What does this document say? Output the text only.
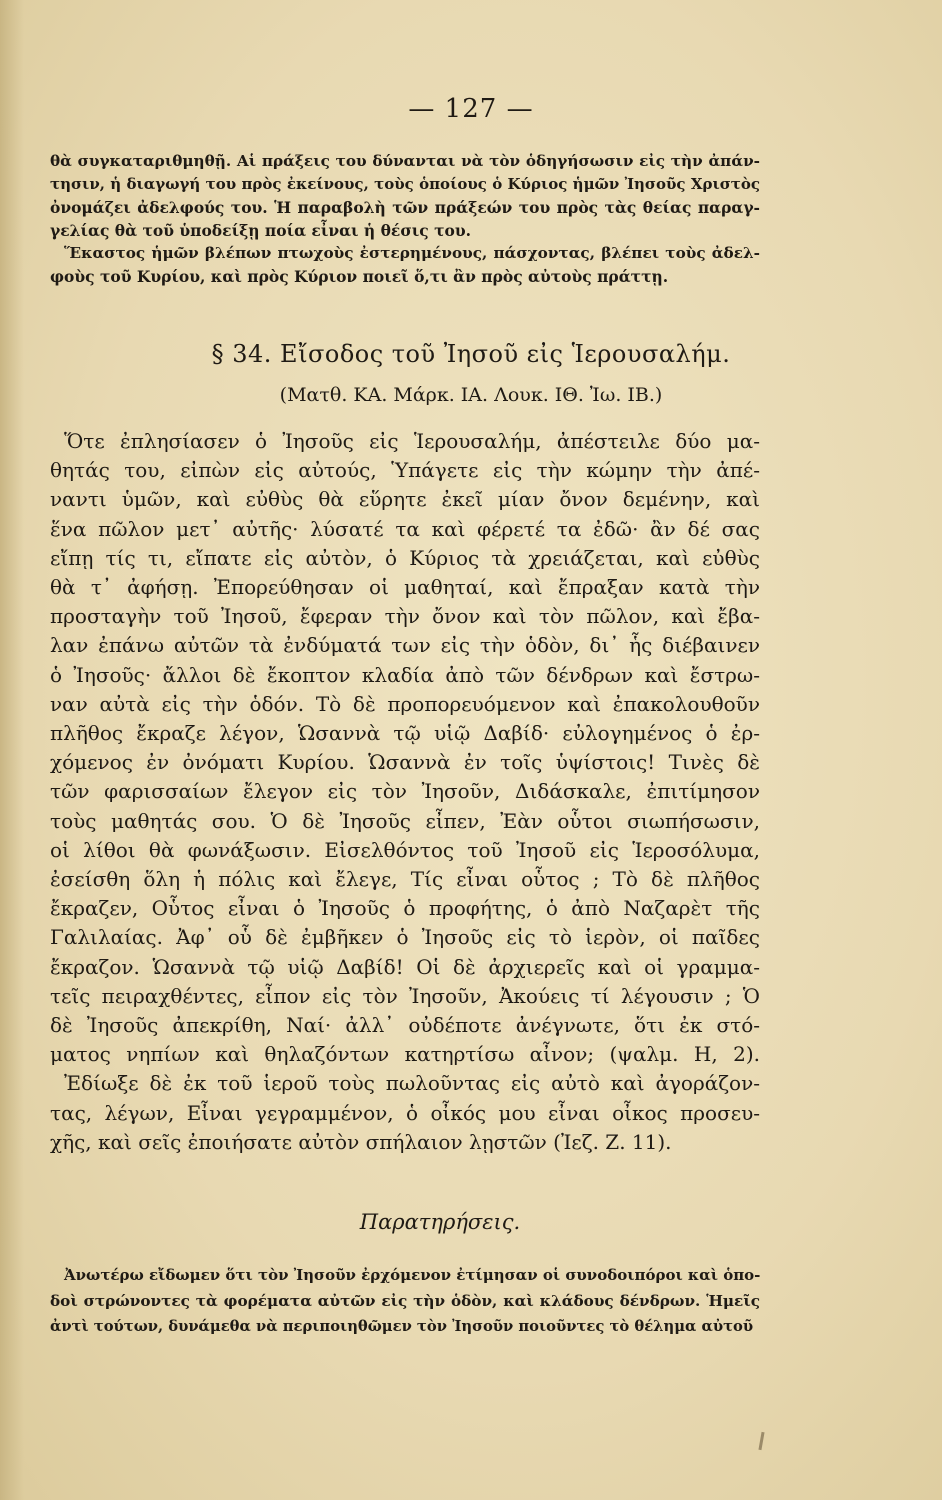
— 127 —
θὰ συγκαταριθμηθῇ. Αἱ πράξεις του δύνανται νὰ τὸν ὁδηγήσωσιν εἰς τὴν ἀπάν-
τησιν, ἡ διαγωγή του πρὸς ἐκείνους, τοὺς ὁποίους ὁ Κύριος ἡμῶν Ἰησοῦς Χριστὸς
ὀνομάζει ἀδελφούς του. Ἡ παραβολὴ τῶν πράξεών του πρὸς τὰς θείας παραγ-
γελίας θὰ τοῦ ὑποδείξῃ ποία εἶναι ἡ θέσις του.
Ἕκαστος ἡμῶν βλέπων πτωχοὺς ἐστερημένους, πάσχοντας, βλέπει τοὺς ἀδελ-
φοὺς τοῦ Κυρίου, καὶ πρὸς Κύριον ποιεῖ ὅ,τι ἂν πρὸς αὐτοὺς πράττῃ.
§ 34. Εἴσοδος τοῦ Ἰησοῦ εἰς Ἱερουσαλήμ.
(Ματθ. ΚΑ. Μάρκ. ΙΑ. Λουκ. ΙΘ. Ἰω. ΙΒ.)
Ὅτε ἐπλησίασεν ὁ Ἰησοῦς εἰς Ἱερουσαλήμ, ἀπέστειλε δύο μα-
θητάς του, εἰπὼν εἰς αὐτούς, Ὑπάγετε εἰς τὴν κώμην τὴν ἀπέ-
ναντι ὑμῶν, καὶ εὐθὺς θὰ εὕρητε ἐκεῖ μίαν ὄνον δεμένην, καὶ
ἕνα πῶλον μετ᾽ αὐτῆς· λύσατέ τα καὶ φέρετέ τα ἐδῶ· ἂν δέ σας
εἴπῃ τίς τι, εἴπατε εἰς αὐτὸν, ὁ Κύριος τὰ χρειάζεται, καὶ εὐθὺς
θὰ τ᾽ ἀφήσῃ. Ἐπορεύθησαν οἱ μαθηταί, καὶ ἔπραξαν κατὰ τὴν
προσταγὴν τοῦ Ἰησοῦ, ἔφεραν τὴν ὄνον καὶ τὸν πῶλον, καὶ ἔβα-
λαν ἐπάνω αὐτῶν τὰ ἐνδύματά των εἰς τὴν ὁδὸν, δι᾽ ἧς διέβαινεν
ὁ Ἰησοῦς· ἄλλοι δὲ ἔκοπτον κλαδία ἀπὸ τῶν δένδρων καὶ ἔστρω-
ναν αὐτὰ εἰς τὴν ὁδόν. Τὸ δὲ προπορευόμενον καὶ ἐπακολουθοῦν
πλῆθος ἔκραζε λέγον, Ὡσαννὰ τῷ υἱῷ Δαβίδ· εὐλογημένος ὁ ἐρ-
χόμενος ἐν ὀνόματι Κυρίου. Ὡσαννὰ ἐν τοῖς ὑψίστοις! Τινὲς δὲ
τῶν φαρισσαίων ἔλεγον εἰς τὸν Ἰησοῦν, Διδάσκαλε, ἐπιτίμησον
τοὺς μαθητάς σου. Ὁ δὲ Ἰησοῦς εἶπεν, Ἐὰν οὗτοι σιωπήσωσιν,
οἱ λίθοι θὰ φωνάξωσιν. Εἰσελθόντος τοῦ Ἰησοῦ εἰς Ἱεροσόλυμα,
ἐσείσθη ὅλη ἡ πόλις καὶ ἔλεγε, Τίς εἶναι οὗτος ; Τὸ δὲ πλῆθος
ἔκραζεν, Οὗτος εἶναι ὁ Ἰησοῦς ὁ προφήτης, ὁ ἀπὸ Ναζαρὲτ τῆς
Γαλιλαίας. Ἀφ᾽ οὗ δὲ ἐμβῆκεν ὁ Ἰησοῦς εἰς τὸ ἱερὸν, οἱ παῖδες
ἔκραζον. Ὡσαννὰ τῷ υἱῷ Δαβίδ! Οἱ δὲ ἀρχιερεῖς καὶ οἱ γραμμα-
τεῖς πειραχθέντες, εἶπον εἰς τὸν Ἰησοῦν, Ἀκούεις τί λέγουσιν ; Ὁ
δὲ Ἰησοῦς ἀπεκρίθη, Ναί· ἀλλ᾽ οὐδέποτε ἀνέγνωτε, ὅτι ἐκ στό-
ματος νηπίων καὶ θηλαζόντων κατηρτίσω αἶνον; (ψαλμ. Η, 2).
Ἐδίωξε δὲ ἐκ τοῦ ἱεροῦ τοὺς πωλοῦντας εἰς αὐτὸ καὶ ἀγοράζον-
τας, λέγων, Εἶναι γεγραμμένον, ὁ οἶκός μου εἶναι οἶκος προσευ-
χῆς, καὶ σεῖς ἐποιήσατε αὐτὸν σπήλαιον λῃστῶν (Ἰεζ. Ζ. 11).
Παρατηρήσεις.
Ἀνωτέρω εἴδωμεν ὅτι τὸν Ἰησοῦν ἐρχόμενον ἐτίμησαν οἱ συνοδοιπόροι καὶ ὁπο-
δοὶ στρώνοντες τὰ φορέματα αὐτῶν εἰς τὴν ὁδὸν, καὶ κλάδους δένδρων. Ἡμεῖς
ἀντὶ τούτων, δυνάμεθα νὰ περιποιηθῶμεν τὸν Ἰησοῦν ποιοῦντες τὸ θέλημα αὐτοῦ
